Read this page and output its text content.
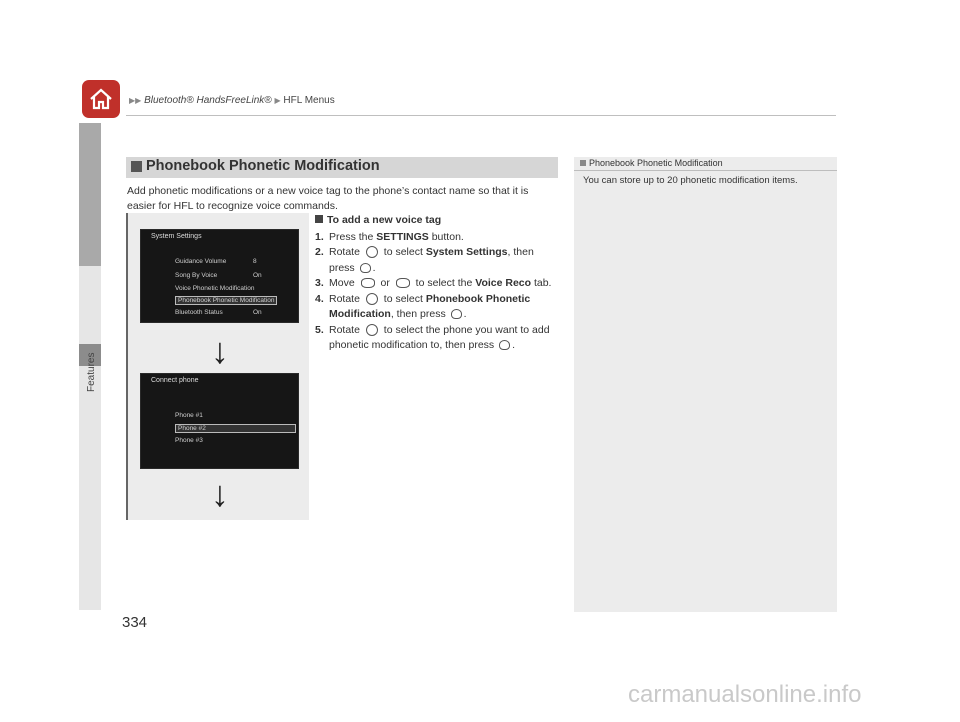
▶▶ Bluetooth® HandsFreeLink® ▶ HFL Menus
Features
Phonebook Phonetic Modification
Add phonetic modifications or a new voice tag to the phone’s contact name so that it is easier for HFL to recognize voice commands.
System Settings
Guidance Volume	8
Song By Voice	On
Voice Phonetic Modification
Phonebook Phonetic Modification
Bluetooth Status	On
↓
Connect phone
Phone #1
Phone #2
Phone #3
↓
To add a new voice tag
1. Press the SETTINGS button.
2. Rotate  to select System Settings, then press .
3. Move  or  to select the Voice Reco tab.
4. Rotate  to select Phonebook Phonetic Modification, then press .
5. Rotate  to select the phone you want to add phonetic modification to, then press .
Phonebook Phonetic Modification
You can store up to 20 phonetic modification items.
334
carmanualsonline.info
